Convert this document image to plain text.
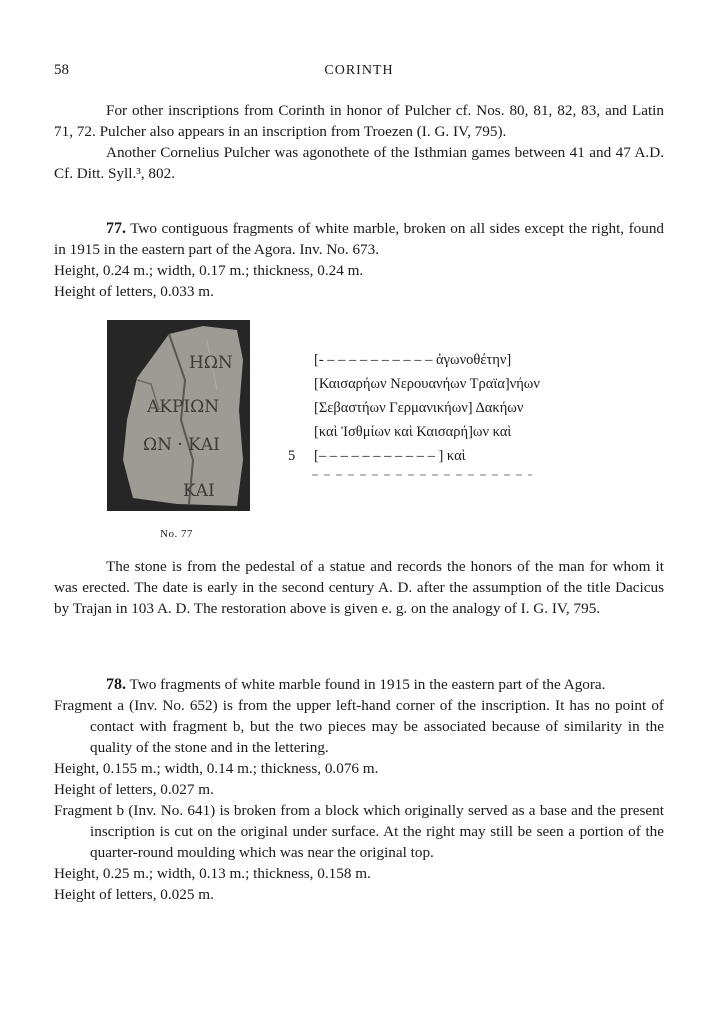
58	CORINTH

For other inscriptions from Corinth in honor of Pulcher cf. Nos. 80, 81, 82, 83, and Latin 71, 72. Pulcher also appears in an inscription from Troezen (I. G. IV, 795).

Another Cornelius Pulcher was agonothete of the Isthmian games between 41 and 47 A.D. Cf. Ditt. Syll.³, 802.

77. Two contiguous fragments of white marble, broken on all sides except the right, found in 1915 in the eastern part of the Agora. Inv. No. 673.

Height, 0.24 m.; width, 0.17 m.; thickness, 0.24 m.

Height of letters, 0.033 m.

ΗΩΝ
ΑΚΡΙΩΝ
ΩΝ · ΚΑΙ
ΚΑΙ
No. 77
[- – – – – – – – – – – ἀγωνοθέτην]
[Καισαρήων Νερουανήων Τραϊα]νήων
[Σεβαστήων Γερμανικήων] Δακήων
[καὶ Ἰσθμίων καὶ Καισαρή]ων καὶ
5 [– – – – – – – – – – – ] καὶ

The stone is from the pedestal of a statue and records the honors of the man for whom it was erected. The date is early in the second century A. D. after the assumption of the title Dacicus by Trajan in 103 A. D. The restoration above is given e. g. on the analogy of I. G. IV, 795.

78. Two fragments of white marble found in 1915 in the eastern part of the Agora.

Fragment a (Inv. No. 652) is from the upper left-hand corner of the inscription. It has no point of contact with fragment b, but the two pieces may be associated because of similarity in the quality of the stone and in the lettering.

Height, 0.155 m.; width, 0.14 m.; thickness, 0.076 m.

Height of letters, 0.027 m.

Fragment b (Inv. No. 641) is broken from a block which originally served as a base and the present inscription is cut on the original under surface. At the right may still be seen a portion of the quarter-round moulding which was near the original top.

Height, 0.25 m.; width, 0.13 m.; thickness, 0.158 m.

Height of letters, 0.025 m.
